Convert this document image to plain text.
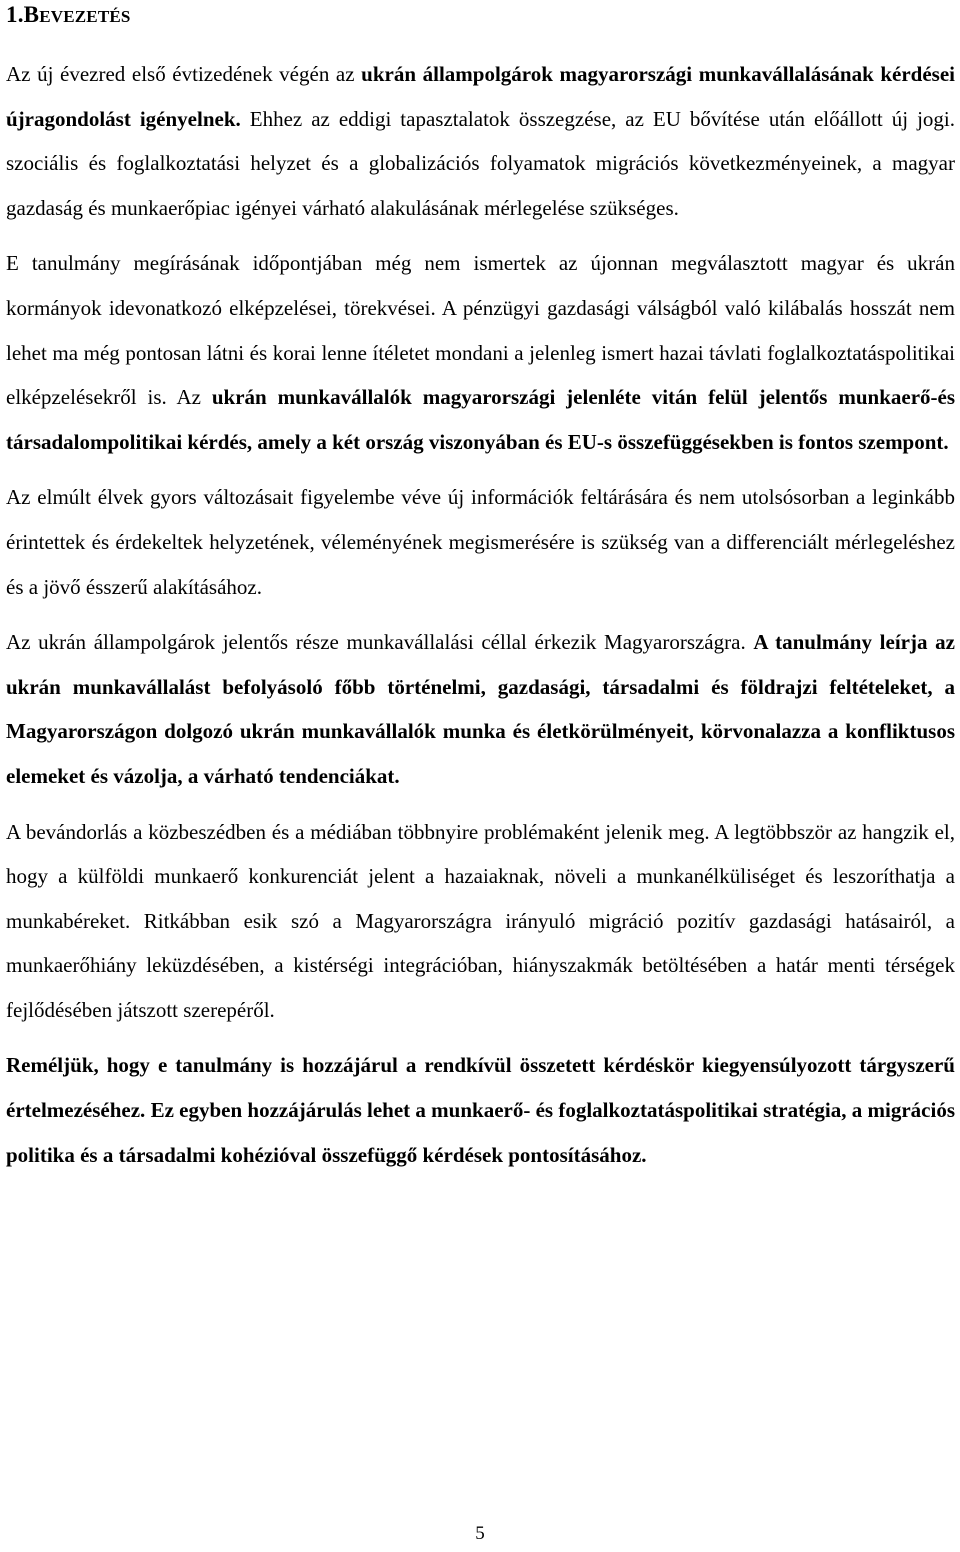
1.BEVEZETÉS

Az új évezred első évtizedének végén az ukrán állampolgárok magyarországi munkavállalásának kérdései újragondolást igényelnek. Ehhez az eddigi tapasztalatok összegzése, az EU bővítése után előállott új jogi. szociális és foglalkoztatási helyzet és a globalizációs folyamatok migrációs következményeinek, a magyar gazdaság és munkaerőpiac igényei várható alakulásának mérlegelése szükséges.

E tanulmány megírásának időpontjában még nem ismertek az újonnan megválasztott magyar és ukrán kormányok idevonatkozó elképzelései, törekvései. A pénzügyi gazdasági válságból való kilábalás hosszát nem lehet ma még pontosan látni és korai lenne ítéletet mondani a jelenleg ismert hazai távlati foglalkoztatáspolitikai elképzelésekről is. Az ukrán munkavállalók magyarországi jelenléte vitán felül jelentős munkaerő-és társadalompolitikai kérdés, amely a két ország viszonyában és EU-s összefüggésekben is fontos szempont.

Az elmúlt élvek gyors változásait figyelembe véve új információk feltárására és nem utolsósorban a leginkább érintettek és érdekeltek helyzetének, véleményének megismerésére is szükség van a differenciált mérlegeléshez és a jövő ésszerű alakításához.

Az ukrán állampolgárok jelentős része munkavállalási céllal érkezik Magyarországra. A tanulmány leírja az ukrán munkavállalást befolyásoló főbb történelmi, gazdasági, társadalmi és földrajzi feltételeket, a Magyarországon dolgozó ukrán munkavállalók munka és életkörülményeit, körvonalazza a konfliktusos elemeket és vázolja, a várható tendenciákat.

A bevándorlás a közbeszédben és a médiában többnyire problémaként jelenik meg. A legtöbbször az hangzik el, hogy a külföldi munkaerő konkurenciát jelent a hazaiaknak, növeli a munkanélküliséget és leszoríthatja a munkabéreket. Ritkábban esik szó a Magyarországra irányuló migráció pozitív gazdasági hatásairól, a munkaerőhiány leküzdésében, a kistérségi integrációban, hiányszakmák betöltésében a határ menti térségek fejlődésében játszott szerepéről.

Reméljük, hogy e tanulmány is hozzájárul a rendkívül összetett kérdéskör kiegyensúlyozott tárgyszerű értelmezéséhez. Ez egyben hozzájárulás lehet a munkaerő- és foglalkoztatáspolitikai stratégia, a migrációs politika és a társadalmi kohézióval összefüggő kérdések pontosításához.

5
